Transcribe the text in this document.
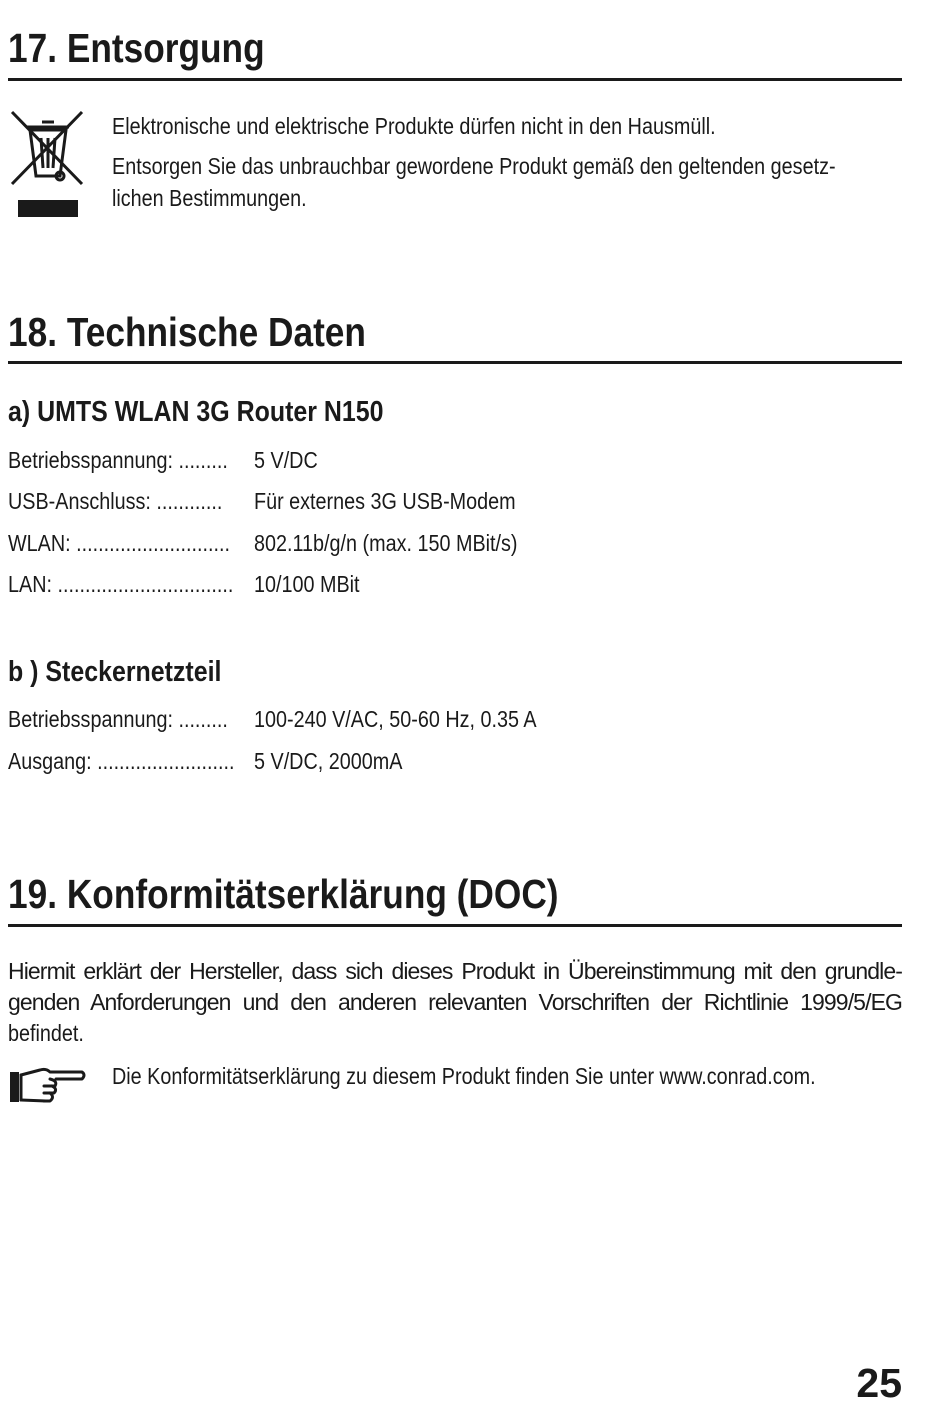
17. Entsorgung
Elektronische und elektrische Produkte dürfen nicht in den Hausmüll.
Entsorgen Sie das unbrauchbar gewordene Produkt gemäß den geltenden gesetz-
lichen Bestimmungen.
18. Technische Daten
a) UMTS WLAN 3G Router N150
Betriebsspannung: .........	5 V/DC
USB-Anschluss: ............	Für externes 3G USB-Modem
WLAN: ............................	802.11b/g/n (max. 150 MBit/s)
LAN: ................................ 10/100 MBit
b ) Steckernetzteil
Betriebsspannung: .........	100-240 V/AC, 50-60 Hz, 0.35 A
Ausgang: ......................... 5 V/DC, 2000mA
19. Konformitätserklärung (DOC)
Hiermit erklärt der Hersteller, dass sich dieses Produkt in Übereinstimmung mit den grundle-
genden Anforderungen und den anderen relevanten Vorschriften der Richtlinie 1999/5/EG
befindet.
Die Konformitätserklärung zu diesem Produkt finden Sie unter www.conrad.com.
25
